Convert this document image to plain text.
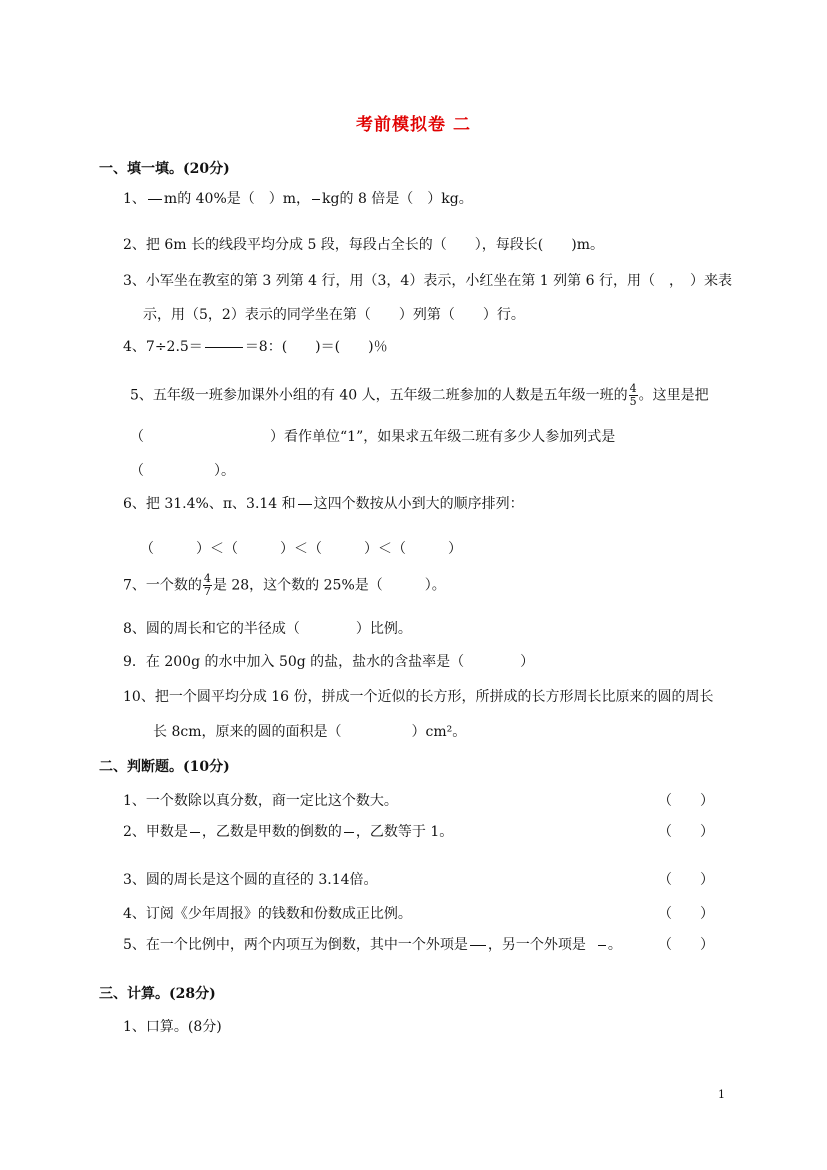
考前模拟卷 二
一、填一填。(20分)
1、 m的 40%是（　）m， kg的 8 倍是（　）kg。
2、把 6m 长的线段平均分成 5 段，每段占全长的（　　），每段长(　　)m。
3、小军坐在教室的第 3 列第 4 行，用（3，4）表示，小红坐在第 1 列第 6 行，用（　，　）来表
示，用（5，2）表示的同学坐在第（　　）列第（　　）行。
4、7÷2.5＝	＝8：(　　)＝(　　)％
5、五年级一班参加课外小组的有 40 人，五年级二班参加的人数是五年级一班的 $\frac{4}{5}$ 。这里是把
（　　　　　　　　　）看作单位“1”，如果求五年级二班有多少人参加列式是
（　　　　　）。
6、把 31.4%、π、3.14 和 这四个数按从小到大的顺序排列：
（　　　）＜（　　　）＜（　　　）＜（　　　）
7、一个数的 $\frac{4}{7}$ 是 28，这个数的 25%是（　　　）。
8、圆的周长和它的半径成（　　　　）比例。
9．在 200g 的水中加入 50g 的盐，盐水的含盐率是（　　　　）
10、把一个圆平均分成 16 份，拼成一个近似的长方形，所拼成的长方形周长比原来的圆的周长
长 8cm，原来的圆的面积是（　　　　　）cm²。
二、判断题。(10分)
1、一个数除以真分数，商一定比这个数大。	（　　）
2、甲数是 ，乙数是甲数的倒数的 ，乙数等于 1。	（　　）
3、圆的周长是这个圆的直径的 3.14倍。	（　　）
4、订阅《少年周报》的钱数和份数成正比例。	（　　）
5、在一个比例中，两个内项互为倒数，其中一个外项是 ，另一个外项是 。	（　　）
三、计算。(28分)
1、口算。(8分)
1
